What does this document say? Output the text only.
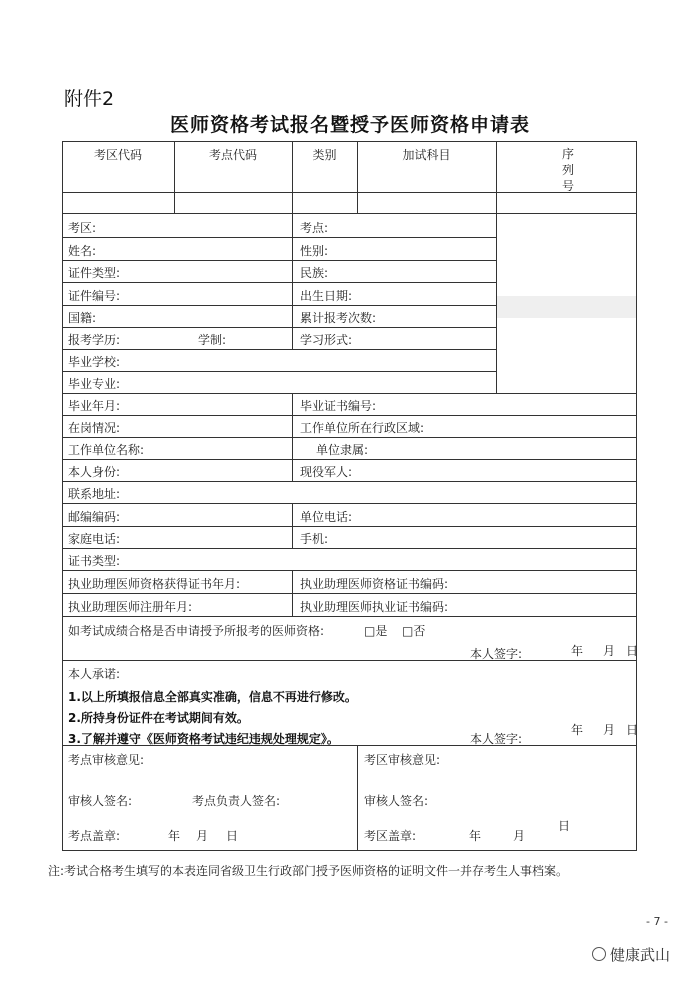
附件2
医师资格考试报名暨授予医师资格申请表
考区代码	考点代码	类别	加试科目	序
列
号
考区:	考点:
姓名:	性别:
证件类型:	民族:
证件编号:	出生日期:
国籍:	累计报考次数:
报考学历:	学制:	学习形式:
毕业学校:
毕业专业:
毕业年月:	毕业证书编号:
在岗情况:	工作单位所在行政区域:
工作单位名称:	单位隶属:
本人身份:	现役军人:
联系地址:
邮编编码:	单位电话:
家庭电话:	手机:
证书类型:
执业助理医师资格获得证书年月:	执业助理医师资格证书编码:
执业助理医师注册年月:	执业助理医师执业证书编码:
如考试成绩合格是否申请授予所报考的医师资格:	□是 □否
本人签字:	年 月 日
本人承诺:
1.以上所填报信息全部真实准确，信息不再进行修改。
2.所持身份证件在考试期间有效。
3.了解并遵守《医师资格考试违纪违规处理规定》。	本人签字:
年 月 日
考点审核意见:
审核人签名:	考点负责人签名:
考点盖章:	年 月 日
考区审核意见:
审核人签名:
考区盖章:	年	月
日
注:考试合格考生填写的本表连同省级卫生行政部门授予医师资格的证明文件一并存考生人事档案。
- 7 -
健康武山
